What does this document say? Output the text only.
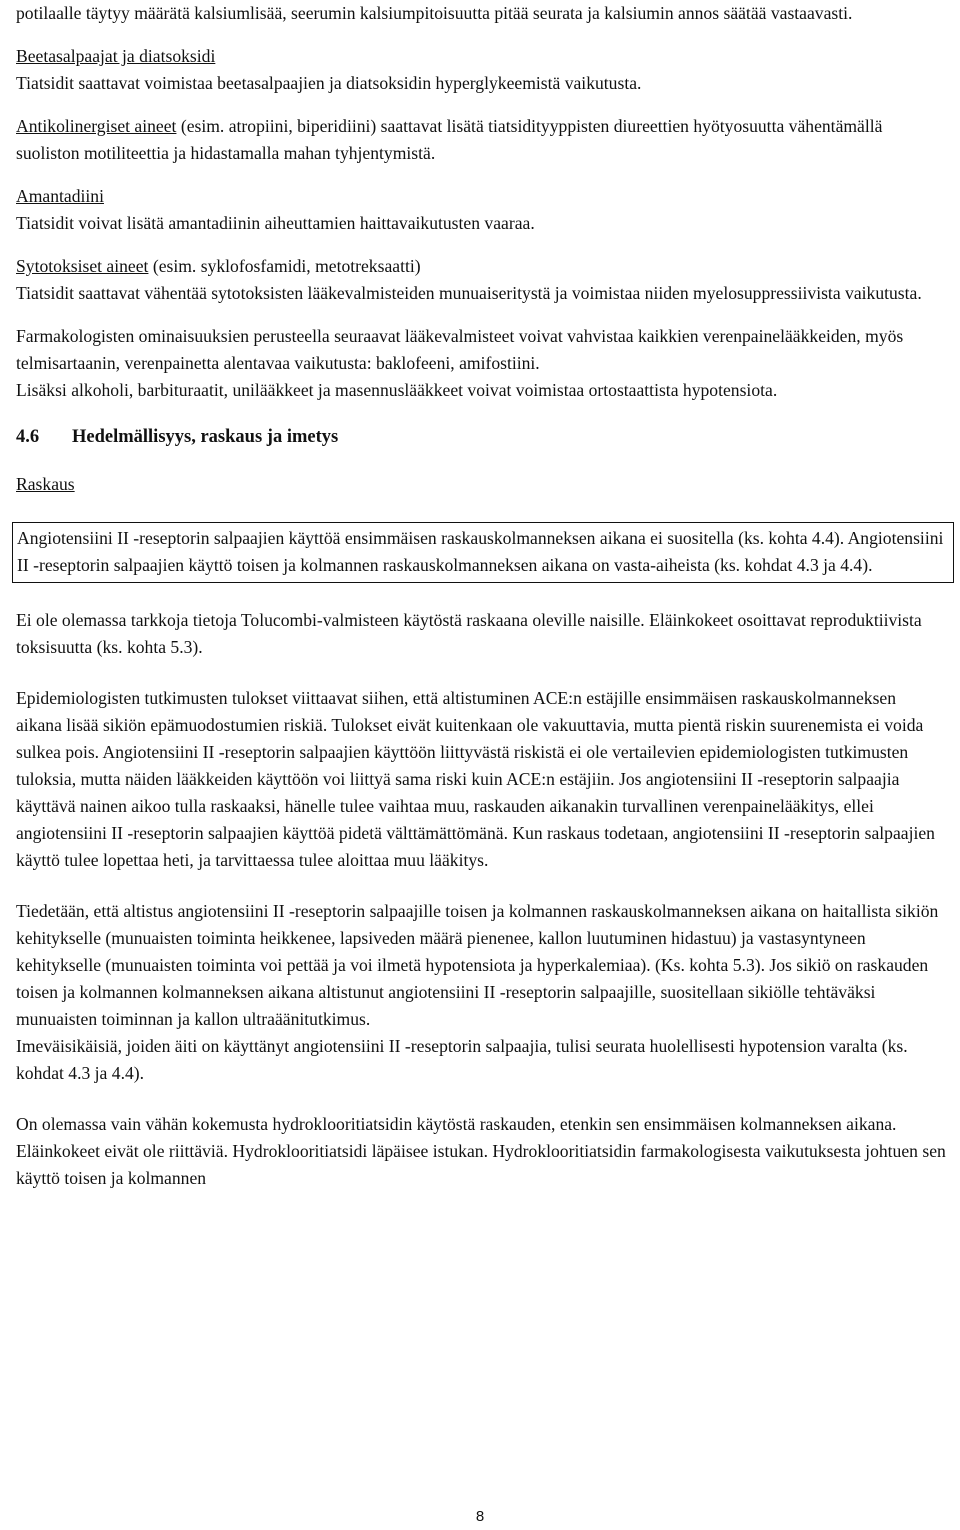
potilaalle täytyy määrätä kalsiumlisää, seerumin kalsiumpitoisuutta pitää seurata ja kalsiumin annos säätää vastaavasti.

Beetasalpaajat ja diatsoksidi
Tiatsidit saattavat voimistaa beetasalpaajien ja diatsoksidin hyperglykeemistä vaikutusta.

Antikolinergiset aineet (esim. atropiini, biperidiini) saattavat lisätä tiatsidityyppisten diureettien hyötyosuutta vähentämällä suoliston motiliteettia ja hidastamalla mahan tyhjentymistä.

Amantadiini
Tiatsidit voivat lisätä amantadiinin aiheuttamien haittavaikutusten vaaraa.

Sytotoksiset aineet (esim. syklofosfamidi, metotreksaatti)
Tiatsidit saattavat vähentää sytotoksisten lääkevalmisteiden munuaiseritystä ja voimistaa niiden myelosuppressiivista vaikutusta.

Farmakologisten ominaisuuksien perusteella seuraavat lääkevalmisteet voivat vahvistaa kaikkien verenpainelääkkeiden, myös telmisartaanin, verenpainetta alentavaa vaikutusta: baklofeeni, amifostiini.

Lisäksi alkoholi, barbituraatit, unilääkkeet ja masennuslääkkeet voivat voimistaa ortostaattista hypotensiota.

4.6 Hedelmällisyys, raskaus ja imetys

Raskaus

Angiotensiini II -reseptorin salpaajien käyttöä ensimmäisen raskauskolmanneksen aikana ei suositella (ks. kohta 4.4). Angiotensiini II -reseptorin salpaajien käyttö toisen ja kolmannen raskauskolmanneksen aikana on vasta-aiheista (ks. kohdat 4.3 ja 4.4).

Ei ole olemassa tarkkoja tietoja Tolucombi-valmisteen käytöstä raskaana oleville naisille. Eläinkokeet osoittavat reproduktiivista toksisuutta (ks. kohta 5.3).

Epidemiologisten tutkimusten tulokset viittaavat siihen, että altistuminen ACE:n estäjille ensimmäisen raskauskolmanneksen aikana lisää sikiön epämuodostumien riskiä. Tulokset eivät kuitenkaan ole vakuuttavia, mutta pientä riskin suurenemista ei voida sulkea pois. Angiotensiini II -reseptorin salpaajien käyttöön liittyvästä riskistä ei ole vertailevien epidemiologisten tutkimusten tuloksia, mutta näiden lääkkeiden käyttöön voi liittyä sama riski kuin ACE:n estäjiin. Jos angiotensiini II -reseptorin salpaajia käyttävä nainen aikoo tulla raskaaksi, hänelle tulee vaihtaa muu, raskauden aikanakin turvallinen verenpainelääkitys, ellei angiotensiini II -reseptorin salpaajien käyttöä pidetä välttämättömänä. Kun raskaus todetaan, angiotensiini II -reseptorin salpaajien käyttö tulee lopettaa heti, ja tarvittaessa tulee aloittaa muu lääkitys.

Tiedetään, että altistus angiotensiini II -reseptorin salpaajille toisen ja kolmannen raskauskolmanneksen aikana on haitallista sikiön kehitykselle (munuaisten toiminta heikkenee, lapsiveden määrä pienenee, kallon luutuminen hidastuu) ja vastasyntyneen kehitykselle (munuaisten toiminta voi pettää ja voi ilmetä hypotensiota ja hyperkalemiaa). (Ks. kohta 5.3). Jos sikiö on raskauden toisen ja kolmannen kolmanneksen aikana altistunut angiotensiini II -reseptorin salpaajille, suositellaan sikiölle tehtäväksi munuaisten toiminnan ja kallon ultraäänitutkimus.

Imeväisikäisiä, joiden äiti on käyttänyt angiotensiini II -reseptorin salpaajia, tulisi seurata huolellisesti hypotension varalta (ks. kohdat 4.3 ja 4.4).

On olemassa vain vähän kokemusta hydroklooritiatsidin käytöstä raskauden, etenkin sen ensimmäisen kolmanneksen aikana. Eläinkokeet eivät ole riittäviä. Hydroklooritiatsidi läpäisee istukan. Hydroklooritiatsidin farmakologisesta vaikutuksesta johtuen sen käyttö toisen ja kolmannen

8
